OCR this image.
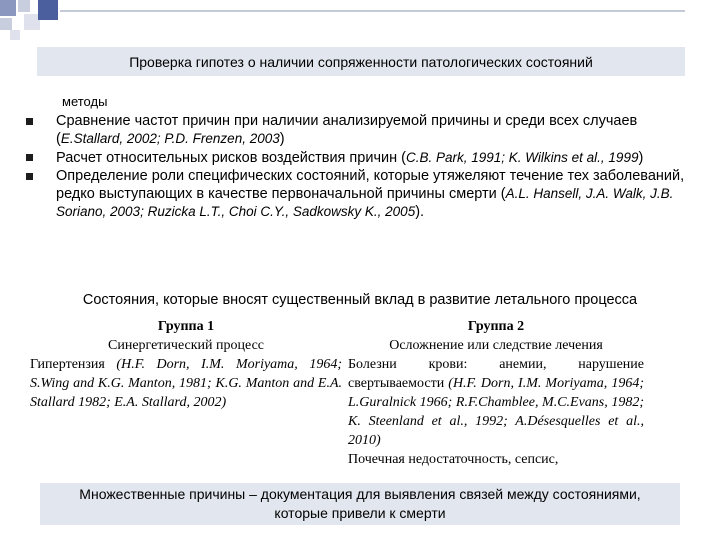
Проверка гипотез о наличии сопряженности патологических состояний
методы
Сравнение частот причин при наличии анализируемой причины и среди всех случаев (E.Stallard, 2002; P.D. Frenzen, 2003)
Расчет относительных рисков воздействия причин (C.B. Park, 1991; K. Wilkins et al., 1999)
Определение роли специфических состояний, которые утяжеляют течение тех заболеваний, редко выступающих в качестве первоначальной причины смерти (A.L. Hansell, J.A. Walk, J.B. Soriano, 2003; Ruzicka L.T., Choi C.Y., Sadkowsky K., 2005).
Состояния, которые вносят существенный вклад в развитие летального процесса
Группа 1
Синергетический процесс
Гипертензия (H.F. Dorn, I.M. Moriyama, 1964; S.Wing and K.G. Manton, 1981; K.G. Manton and E.A. Stallard 1982; E.A. Stallard, 2002)
Группа 2
Осложнение или следствие лечения
Болезни крови: анемии, нарушение свертываемости (H.F. Dorn, I.M. Moriyama, 1964; L.Guralnick 1966; R.F.Chamblee, M.C.Evans, 1982; K. Steenland et al., 1992; A.Désesquelles et al., 2010)
Почечная недостаточность, сепсис,
Множественные причины – документация для выявления связей между состояниями, которые привели к смерти
